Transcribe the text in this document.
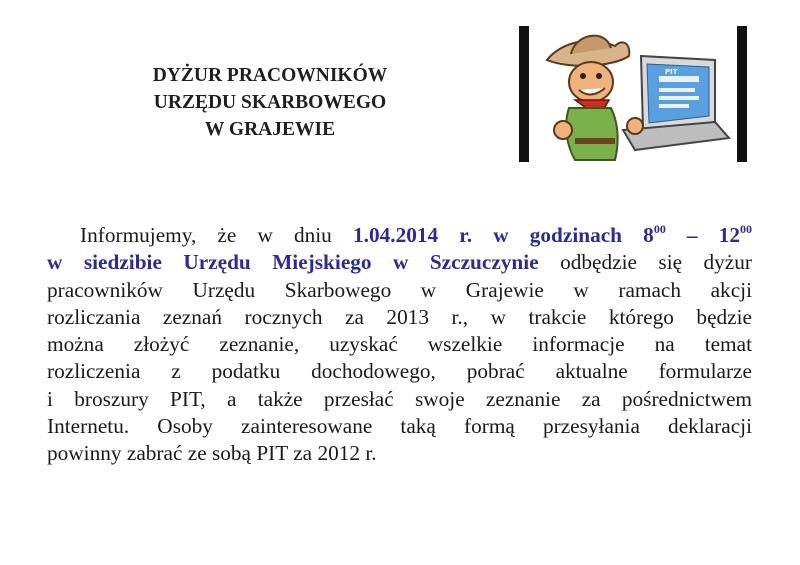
DYŻUR PRACOWNIKÓW
URZĘDU SKARBOWEGO
W GRAJEWIE
PIT
Informujemy, że w dniu 1.04.2014 r. w godzinach $8^{00} - 12^{00}$
w siedzibie Urzędu Miejskiego w Szczuczynie odbędzie się dyżur
pracowników Urzędu Skarbowego w Grajewie w ramach akcji
rozliczania zeznań rocznych za 2013 r., w trakcie którego będzie
można złożyć zeznanie, uzyskać wszelkie informacje na temat
rozliczenia z podatku dochodowego, pobrać aktualne formularze
i broszury PIT, a także przesłać swoje zeznanie za pośrednictwem
Internetu. Osoby zainteresowane taką formą przesyłania deklaracji
powinny zabrać ze sobą PIT za 2012 r.
